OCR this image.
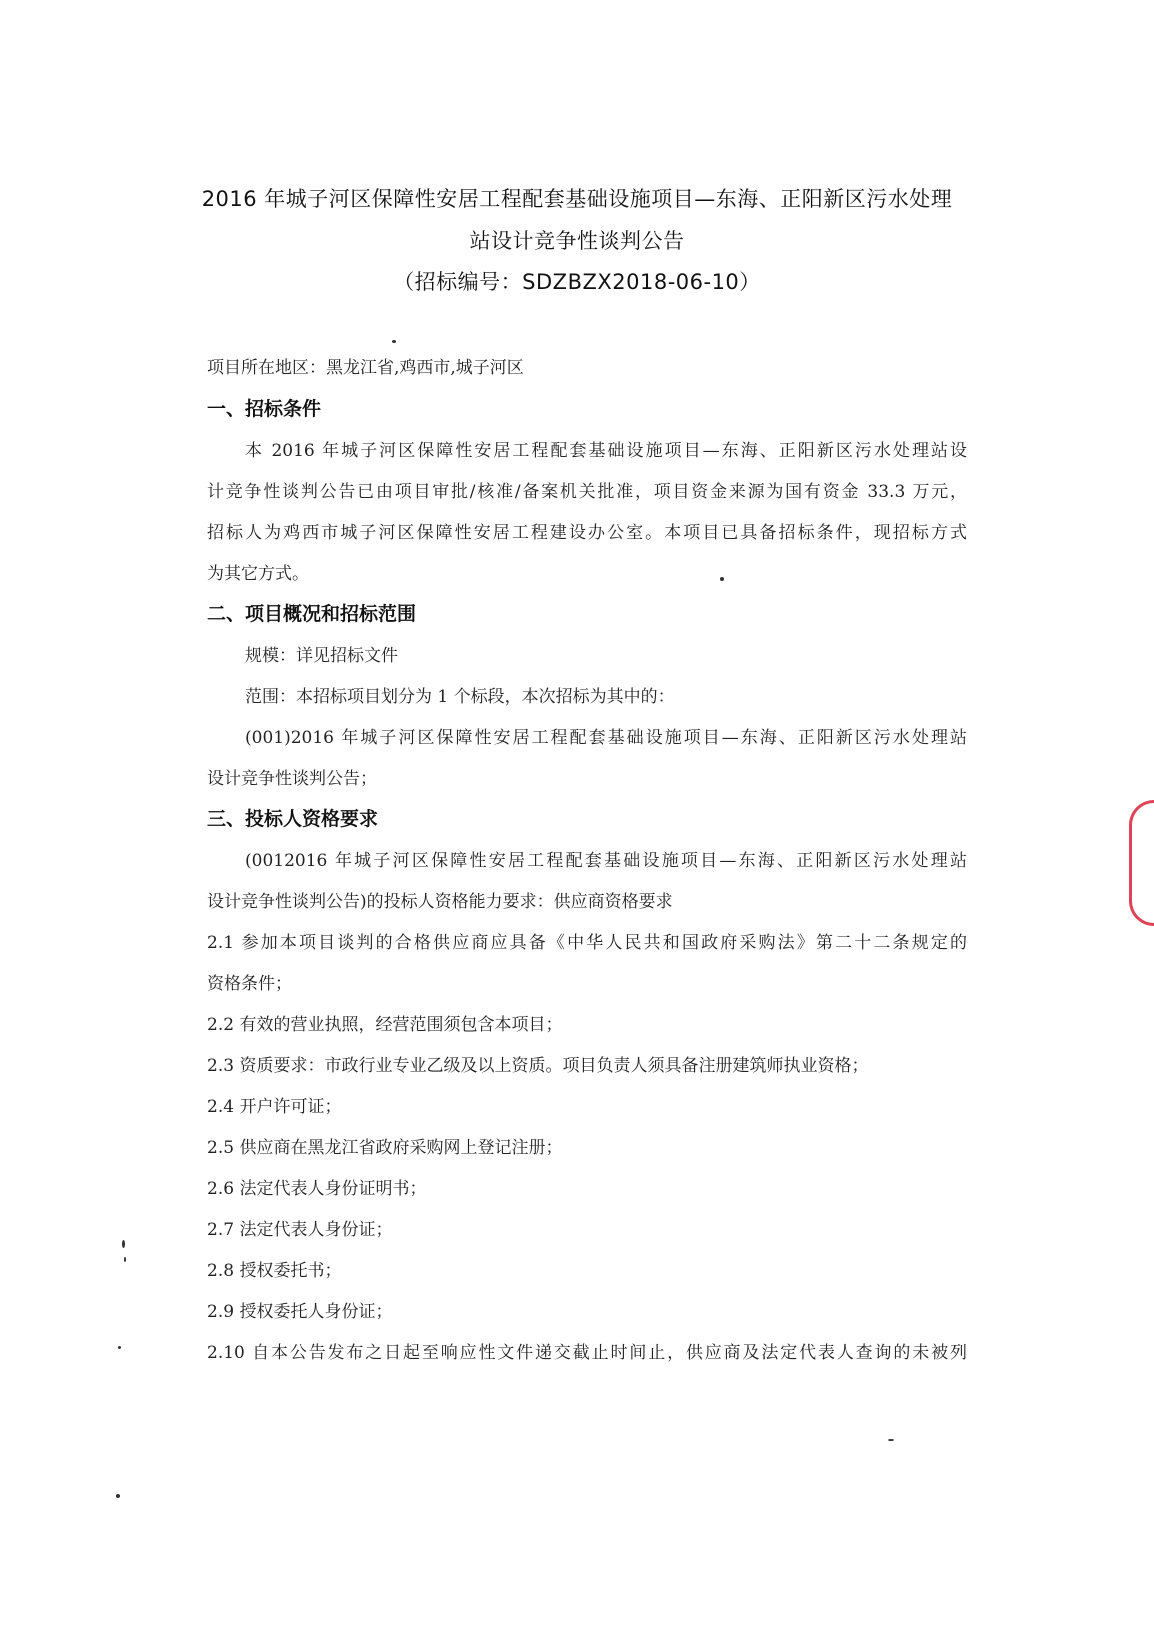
2016 年城子河区保障性安居工程配套基础设施项目—东海、正阳新区污水处理
站设计竞争性谈判公告
（招标编号：SDZBZX2018-06-10）
项目所在地区：黑龙江省,鸡西市,城子河区
一、招标条件
本 2016 年城子河区保障性安居工程配套基础设施项目—东海、正阳新区污水处理站设
计竞争性谈判公告已由项目审批/核准/备案机关批准，项目资金来源为国有资金 33.3 万元，
招标人为鸡西市城子河区保障性安居工程建设办公室。本项目已具备招标条件，现招标方式
为其它方式。
二、项目概况和招标范围
规模：详见招标文件
范围：本招标项目划分为 1 个标段，本次招标为其中的：
(001)2016 年城子河区保障性安居工程配套基础设施项目—东海、正阳新区污水处理站
设计竞争性谈判公告；
三、投标人资格要求
(0012016 年城子河区保障性安居工程配套基础设施项目—东海、正阳新区污水处理站
设计竞争性谈判公告)的投标人资格能力要求：供应商资格要求
2.1 参加本项目谈判的合格供应商应具备《中华人民共和国政府采购法》第二十二条规定的
资格条件；
2.2 有效的营业执照，经营范围须包含本项目；
2.3 资质要求：市政行业专业乙级及以上资质。项目负责人须具备注册建筑师执业资格；
2.4 开户许可证；
2.5 供应商在黑龙江省政府采购网上登记注册；
2.6 法定代表人身份证明书；
2.7 法定代表人身份证；
2.8 授权委托书；
2.9 授权委托人身份证；
2.10 自本公告发布之日起至响应性文件递交截止时间止，供应商及法定代表人查询的未被列
